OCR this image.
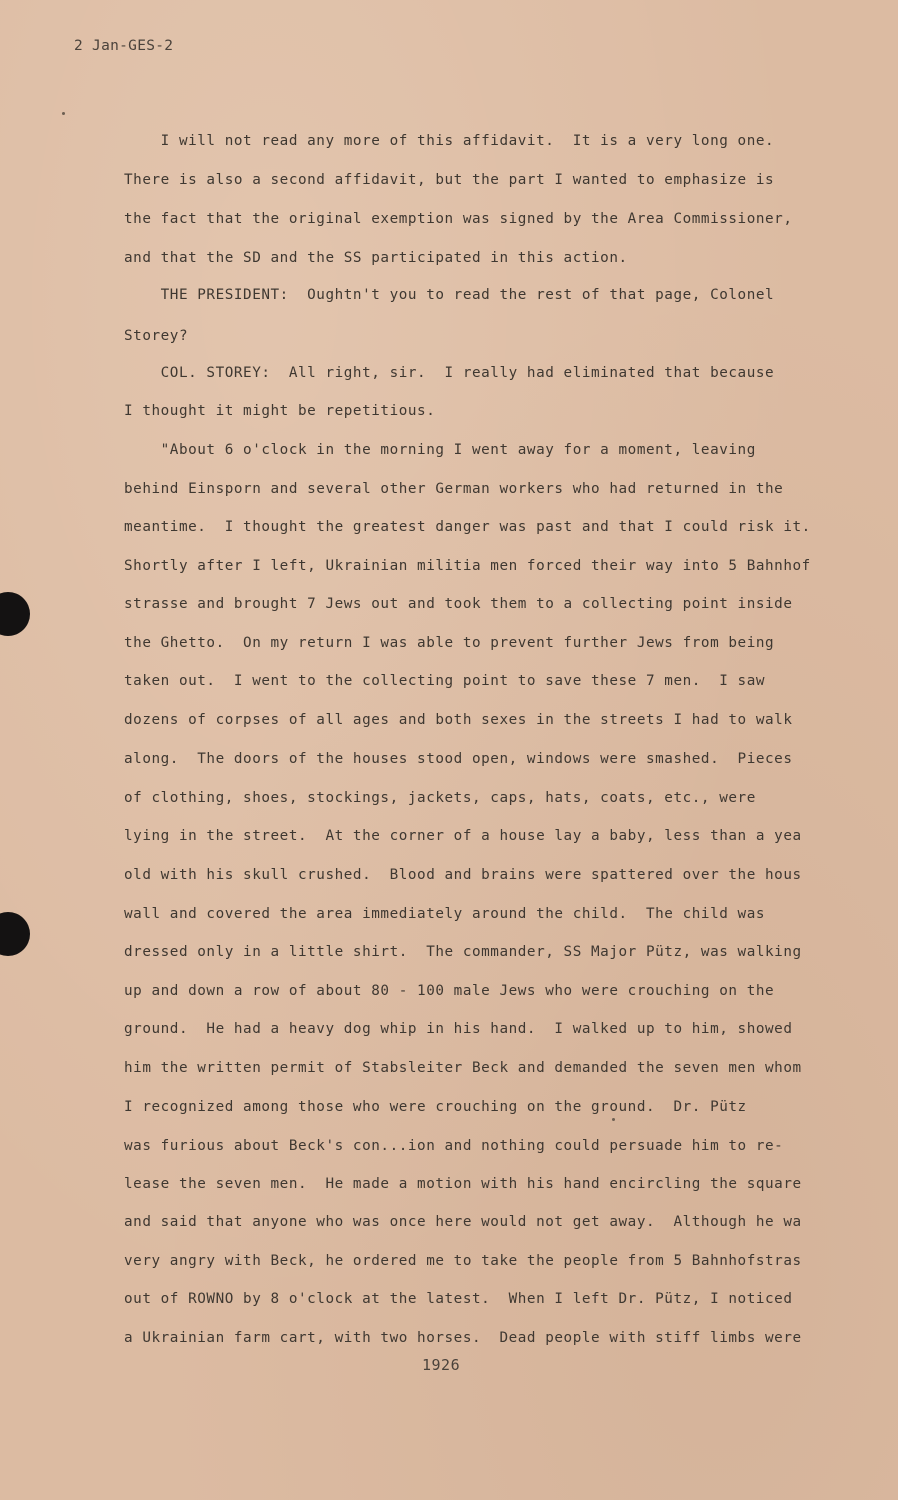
2 Jan-GES-2
I will not read any more of this affidavit.  It is a very long one.
There is also a second affidavit, but the part I wanted to emphasize is
the fact that the original exemption was signed by the Area Commissioner,
and that the SD and the SS participated in this action.
THE PRESIDENT:  Oughtn't you to read the rest of that page, Colonel
Storey?
COL. STOREY:  All right, sir.  I really had eliminated that because
I thought it might be repetitious.
"About 6 o'clock in the morning I went away for a moment, leaving
behind Einsporn and several other German workers who had returned in the
meantime.  I thought the greatest danger was past and that I could risk it.
Shortly after I left, Ukrainian militia men forced their way into 5 Bahnhof
strasse and brought 7 Jews out and took them to a collecting point inside
the Ghetto.  On my return I was able to prevent further Jews from being
taken out.  I went to the collecting point to save these 7 men.  I saw
dozens of corpses of all ages and both sexes in the streets I had to walk
along.  The doors of the houses stood open, windows were smashed.  Pieces
of clothing, shoes, stockings, jackets, caps, hats, coats, etc., were
lying in the street.  At the corner of a house lay a baby, less than a yea
old with his skull crushed.  Blood and brains were spattered over the hous
wall and covered the area immediately around the child.  The child was
dressed only in a little shirt.  The commander, SS Major Pütz, was walking
up and down a row of about 80 - 100 male Jews who were crouching on the
ground.  He had a heavy dog whip in his hand.  I walked up to him, showed
him the written permit of Stabsleiter Beck and demanded the seven men whom
I recognized among those who were crouching on the ground.  Dr. Pütz
was furious about Beck's con...ion and nothing could persuade him to re-
lease the seven men.  He made a motion with his hand encircling the square
and said that anyone who was once here would not get away.  Although he wa
very angry with Beck, he ordered me to take the people from 5 Bahnhofstras
out of ROWNO by 8 o'clock at the latest.  When I left Dr. Pütz, I noticed
a Ukrainian farm cart, with two horses.  Dead people with stiff limbs were
1926
